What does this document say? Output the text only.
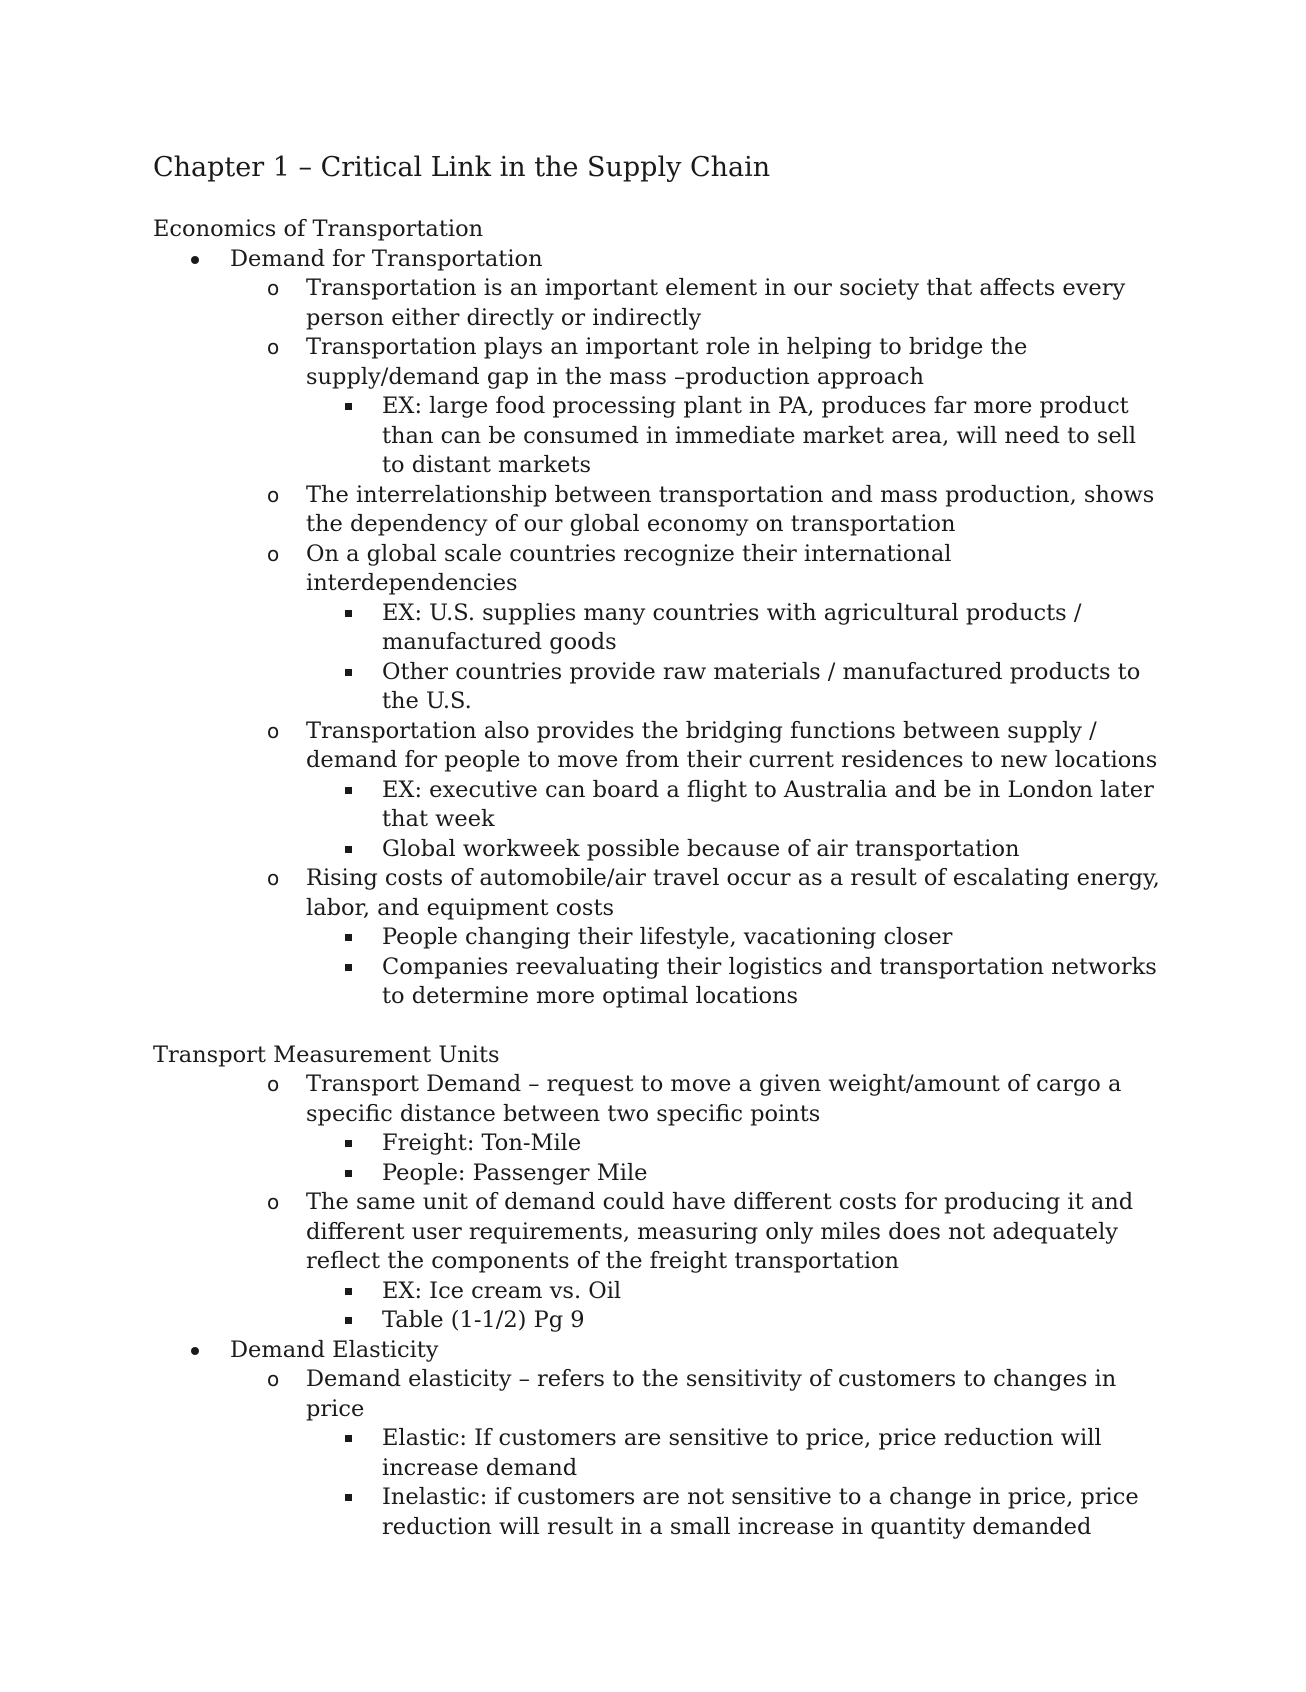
Chapter 1 – Critical Link in the Supply Chain

Economics of Transportation

Demand for Transportation
o Transportation is an important element in our society that affects every person either directly or indirectly
o Transportation plays an important role in helping to bridge the supply/demand gap in the mass –production approach
EX: large food processing plant in PA, produces far more product than can be consumed in immediate market area, will need to sell to distant markets
o The interrelationship between transportation and mass production, shows the dependency of our global economy on transportation
o On a global scale countries recognize their international interdependencies
EX: U.S. supplies many countries with agricultural products / manufactured goods
Other countries provide raw materials / manufactured products to the U.S.
o Transportation also provides the bridging functions between supply / demand for people to move from their current residences to new locations
EX: executive can board a flight to Australia and be in London later that week
Global workweek possible because of air transportation
o Rising costs of automobile/air travel occur as a result of escalating energy, labor, and equipment costs
People changing their lifestyle, vacationing closer
Companies reevaluating their logistics and transportation networks to determine more optimal locations

Transport Measurement Units

o Transport Demand – request to move a given weight/amount of cargo a specific distance between two specific points
Freight: Ton-Mile
People: Passenger Mile
o The same unit of demand could have different costs for producing it and different user requirements, measuring only miles does not adequately reflect the components of the freight transportation
EX: Ice cream vs. Oil
Table (1-1/2) Pg 9
Demand Elasticity
o Demand elasticity – refers to the sensitivity of customers to changes in price
Elastic: If customers are sensitive to price, price reduction will increase demand
Inelastic: if customers are not sensitive to a change in price, price reduction will result in a small increase in quantity demanded
